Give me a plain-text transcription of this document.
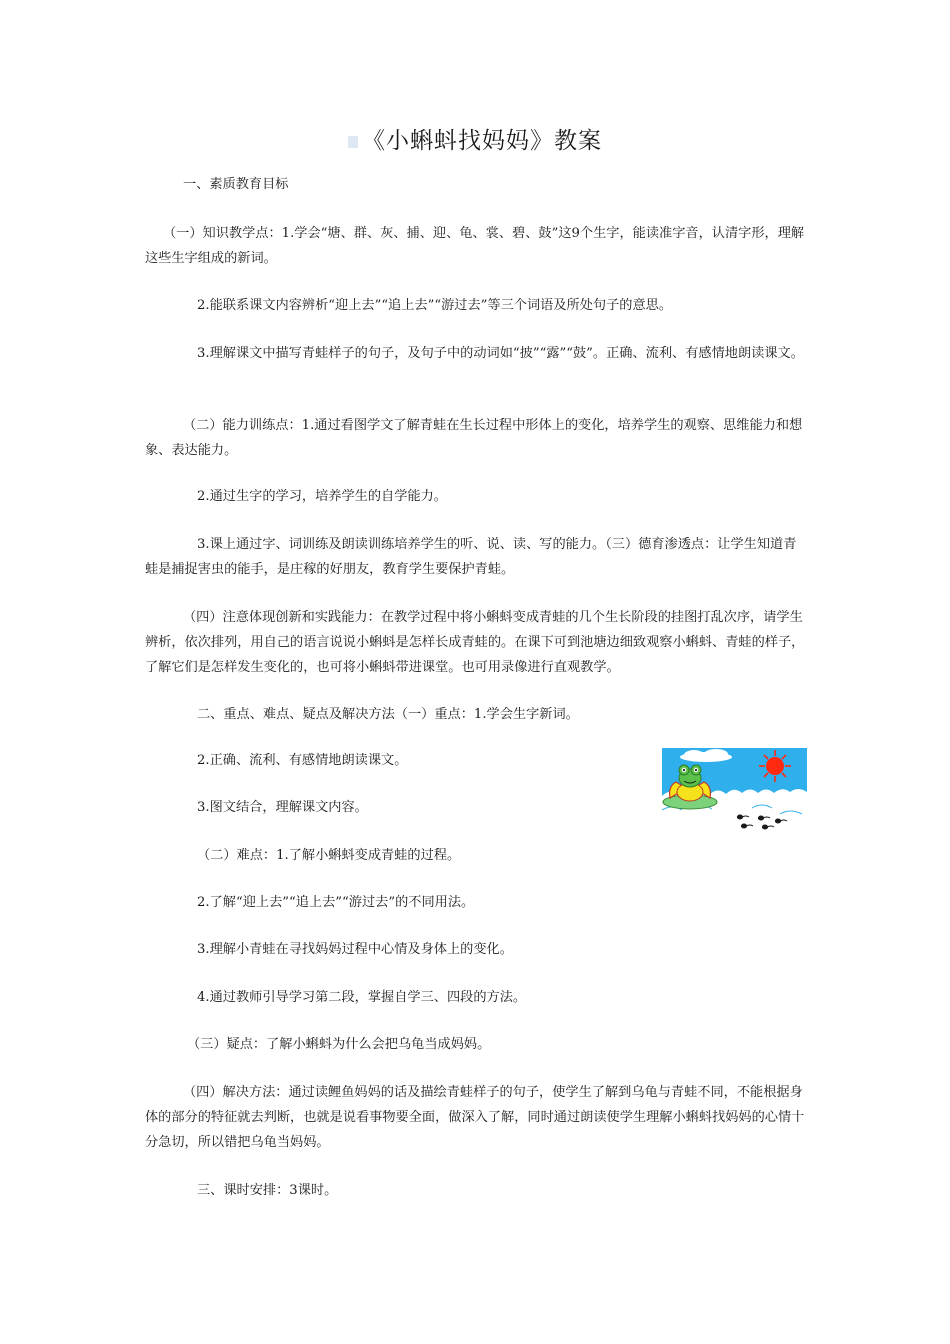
《小蝌蚪找妈妈》教案

一、素质教育目标

（一）知识教学点：1.学会“塘、群、灰、捕、迎、龟、裳、碧、鼓”这9个生字，能读准字音，认清字形，理解这些生字组成的新词。

2.能联系课文内容辨析“迎上去”“追上去”“游过去”等三个词语及所处句子的意思。

3.理解课文中描写青蛙样子的句子，及句子中的动词如“披”“露”“鼓”。正确、流利、有感情地朗读课文。

（二）能力训练点：1.通过看图学文了解青蛙在生长过程中形体上的变化，培养学生的观察、思维能力和想象、表达能力。

2.通过生字的学习，培养学生的自学能力。

3.课上通过字、词训练及朗读训练培养学生的听、说、读、写的能力。（三）德育渗透点：让学生知道青蛙是捕捉害虫的能手，是庄稼的好朋友，教育学生要保护青蛙。

（四）注意体现创新和实践能力：在教学过程中将小蝌蚪变成青蛙的几个生长阶段的挂图打乱次序，请学生辨析，依次排列，用自己的语言说说小蝌蚪是怎样长成青蛙的。在课下可到池塘边细致观察小蝌蚪、青蛙的样子，了解它们是怎样发生变化的，也可将小蝌蚪带进课堂。也可用录像进行直观教学。

二、重点、难点、疑点及解决方法（一）重点：1.学会生字新词。

2.正确、流利、有感情地朗读课文。

3.图文结合，理解课文内容。

（二）难点：1.了解小蝌蚪变成青蛙的过程。

2.了解“迎上去”“追上去”“游过去”的不同用法。

3.理解小青蛙在寻找妈妈过程中心情及身体上的变化。

4.通过教师引导学习第二段，掌握自学三、四段的方法。

（三）疑点：了解小蝌蚪为什么会把乌龟当成妈妈。

（四）解决方法：通过读鲤鱼妈妈的话及描绘青蛙样子的句子，使学生了解到乌龟与青蛙不同，不能根据身体的部分的特征就去判断，也就是说看事物要全面，做深入了解，同时通过朗读使学生理解小蝌蚪找妈妈的心情十分急切，所以错把乌龟当妈妈。

三、课时安排：3课时。
